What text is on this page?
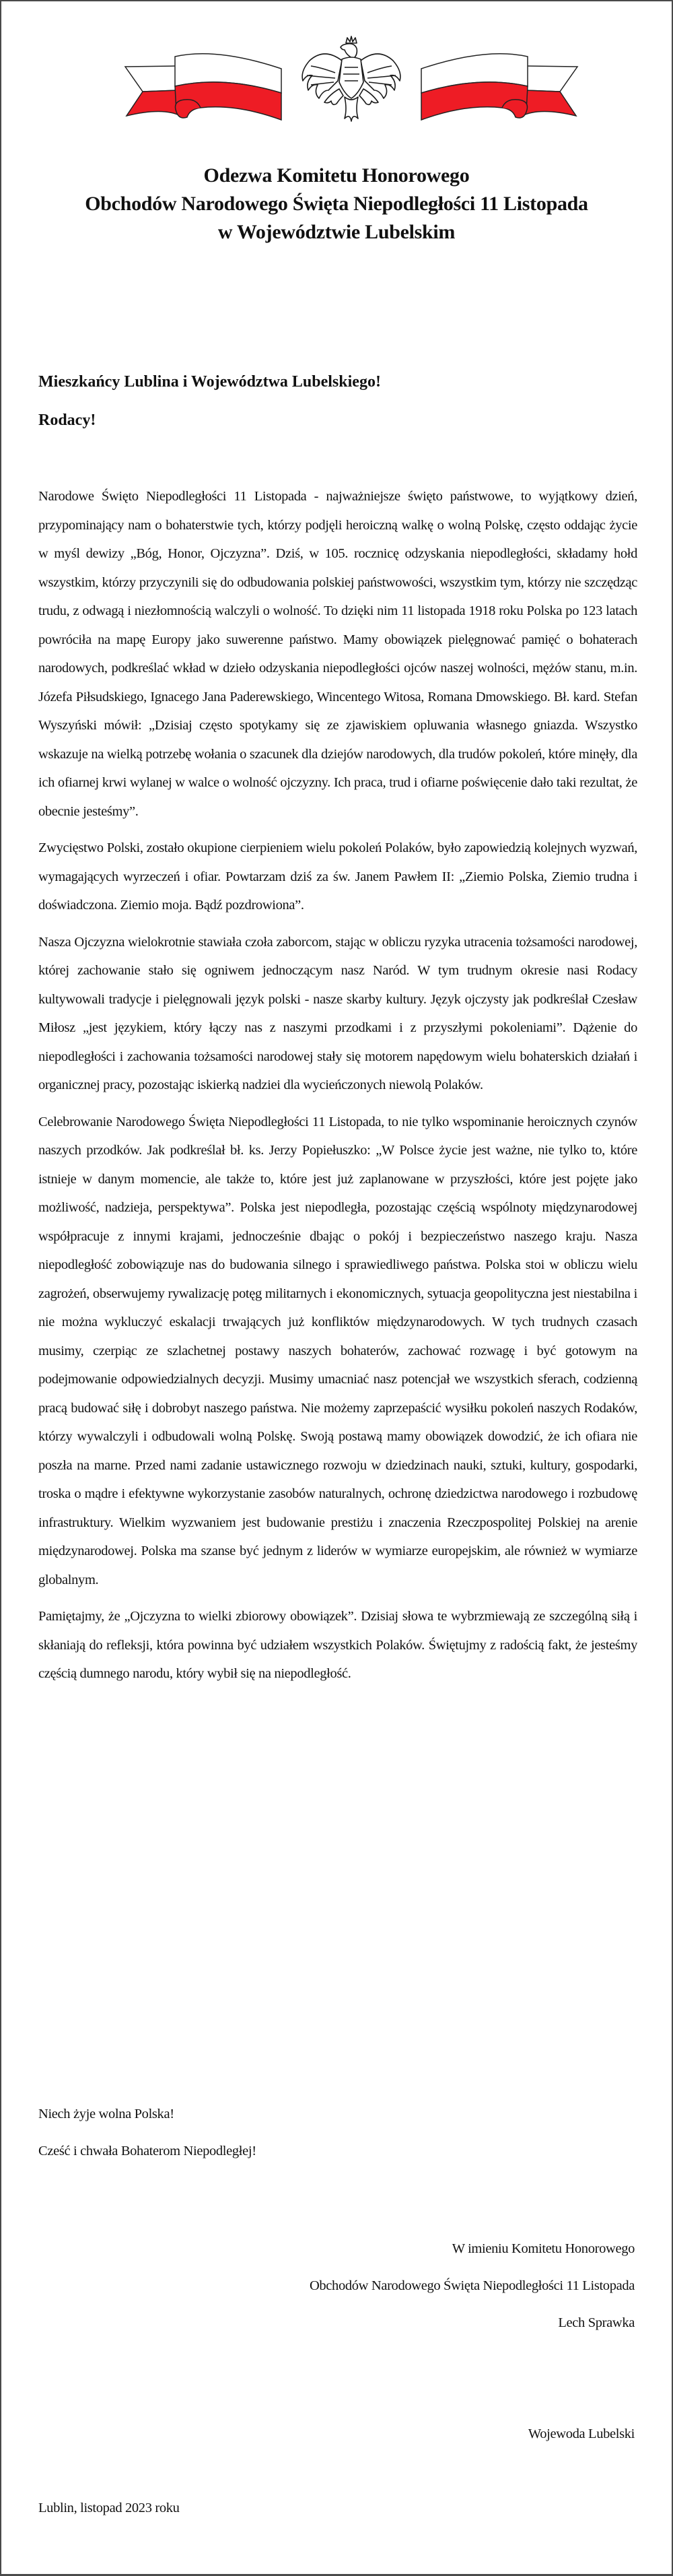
Odezwa Komitetu Honorowego
Obchodów Narodowego Święta Niepodległości 11 Listopada
w Województwie Lubelskim
Mieszkańcy Lublina i Województwa Lubelskiego!
Rodacy!

Narodowe Święto Niepodległości 11 Listopada - najważniejsze święto państwowe, to wyjątkowy dzień, przypominający nam o bohaterstwie tych, którzy podjęli heroiczną walkę o wolną Polskę, często oddając życie w myśl dewizy „Bóg, Honor, Ojczyzna”. Dziś, w 105. rocznicę odzyskania niepodległości, składamy hołd wszystkim, którzy przyczynili się do odbudowania polskiej państwowości, wszystkim tym, którzy nie szczędząc trudu, z odwagą i niezłomnością walczyli o wolność. To dzięki nim 11 listopada 1918 roku Polska po 123 latach powróciła na mapę Europy jako suwerenne państwo. Mamy obowiązek pielęgnować pamięć o bohaterach narodowych, podkreślać wkład w dzieło odzyskania niepodległości ojców naszej wolności, mężów stanu, m.in. Józefa Piłsudskiego, Ignacego Jana Paderewskiego, Wincentego Witosa, Romana Dmowskiego. Bł. kard. Stefan Wyszyński mówił: „Dzisiaj często spotykamy się ze zjawiskiem opluwania własnego gniazda. Wszystko wskazuje na wielką potrzebę wołania o szacunek dla dziejów narodowych, dla trudów pokoleń, które minęły, dla ich ofiarnej krwi wylanej w walce o wolność ojczyzny. Ich praca, trud i ofiarne poświęcenie dało taki rezultat, że obecnie jesteśmy”.

Zwycięstwo Polski, zostało okupione cierpieniem wielu pokoleń Polaków, było zapowiedzią kolejnych wyzwań, wymagających wyrzeczeń i ofiar. Powtarzam dziś za św. Janem Pawłem II: „Ziemio Polska, Ziemio trudna i doświadczona. Ziemio moja. Bądź pozdrowiona”.

Nasza Ojczyzna wielokrotnie stawiała czoła zaborcom, stając w obliczu ryzyka utracenia tożsamości narodowej, której zachowanie stało się ogniwem jednoczącym nasz Naród. W tym trudnym okresie nasi Rodacy kultywowali tradycje i pielęgnowali język polski - nasze skarby kultury. Język ojczysty jak podkreślał Czesław Miłosz „jest językiem, który łączy nas z naszymi przodkami i z przyszłymi pokoleniami”. Dążenie do niepodległości i zachowania tożsamości narodowej stały się motorem napędowym wielu bohaterskich działań i organicznej pracy, pozostając iskierką nadziei dla wycieńczonych niewolą Polaków.

Celebrowanie Narodowego Święta Niepodległości 11 Listopada, to nie tylko wspominanie heroicznych czynów naszych przodków. Jak podkreślał bł. ks. Jerzy Popiełuszko: „W Polsce życie jest ważne, nie tylko to, które istnieje w danym momencie, ale także to, które jest już zaplanowane w przyszłości, które jest pojęte jako możliwość, nadzieja, perspektywa”. Polska jest niepodległa, pozostając częścią wspólnoty międzynarodowej współpracuje z innymi krajami, jednocześnie dbając o pokój i bezpieczeństwo naszego kraju. Nasza niepodległość zobowiązuje nas do budowania silnego i sprawiedliwego państwa. Polska stoi w obliczu wielu zagrożeń, obserwujemy rywalizację potęg militarnych i ekonomicznych, sytuacja geopolityczna jest niestabilna i nie można wykluczyć eskalacji trwających już konfliktów międzynarodowych. W tych trudnych czasach musimy, czerpiąc ze szlachetnej postawy naszych bohaterów, zachować rozwagę i być gotowym na podejmowanie odpowiedzialnych decyzji. Musimy umacniać nasz potencjał we wszystkich sferach, codzienną pracą budować siłę i dobrobyt naszego państwa. Nie możemy zaprzepaścić wysiłku pokoleń naszych Rodaków, którzy wywalczyli i odbudowali wolną Polskę. Swoją postawą mamy obowiązek dowodzić, że ich ofiara nie poszła na marne. Przed nami zadanie ustawicznego rozwoju w dziedzinach nauki, sztuki, kultury, gospodarki, troska o mądre i efektywne wykorzystanie zasobów naturalnych, ochronę dziedzictwa narodowego i rozbudowę infrastruktury. Wielkim wyzwaniem jest budowanie prestiżu i znaczenia Rzeczpospolitej Polskiej na arenie międzynarodowej. Polska ma szanse być jednym z liderów w wymiarze europejskim, ale również w wymiarze globalnym.

Pamiętajmy, że „Ojczyzna to wielki zbiorowy obowiązek”. Dzisiaj słowa te wybrzmiewają ze szczególną siłą i skłaniają do refleksji, która powinna być udziałem wszystkich Polaków. Świętujmy z radością fakt, że jesteśmy częścią dumnego narodu, który wybił się na niepodległość.

Niech żyje wolna Polska!
Cześć i chwała Bohaterom Niepodległej!
W imieniu Komitetu Honorowego
Obchodów Narodowego Święta Niepodległości 11 Listopada
Lech Sprawka
Wojewoda Lubelski
Lublin, listopad 2023 roku
